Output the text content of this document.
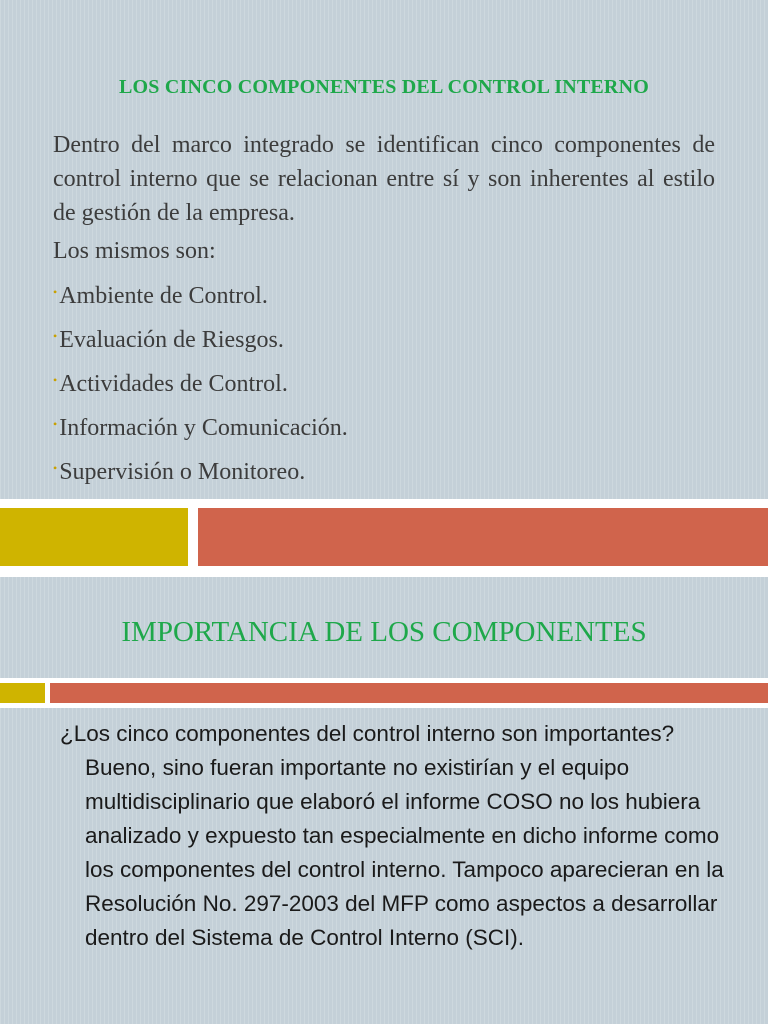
LOS CINCO COMPONENTES DEL CONTROL INTERNO

Dentro del marco integrado se identifican cinco componentes de control interno que se relacionan entre sí y son inherentes al estilo de gestión de la empresa.

Los mismos son:

•Ambiente de Control.
•Evaluación de Riesgos.
•Actividades de Control.
•Información y Comunicación.
•Supervisión o Monitoreo.
IMPORTANCIA DE LOS COMPONENTES

¿Los cinco componentes del control interno son importantes?

Bueno, sino fueran importante no existirían y el equipo multidisciplinario que elaboró el informe COSO no los hubiera analizado y expuesto tan especialmente en dicho informe como los componentes del control interno. Tampoco aparecieran en la Resolución No. 297-2003 del MFP como aspectos a desarrollar dentro del Sistema de Control Interno (SCI).
